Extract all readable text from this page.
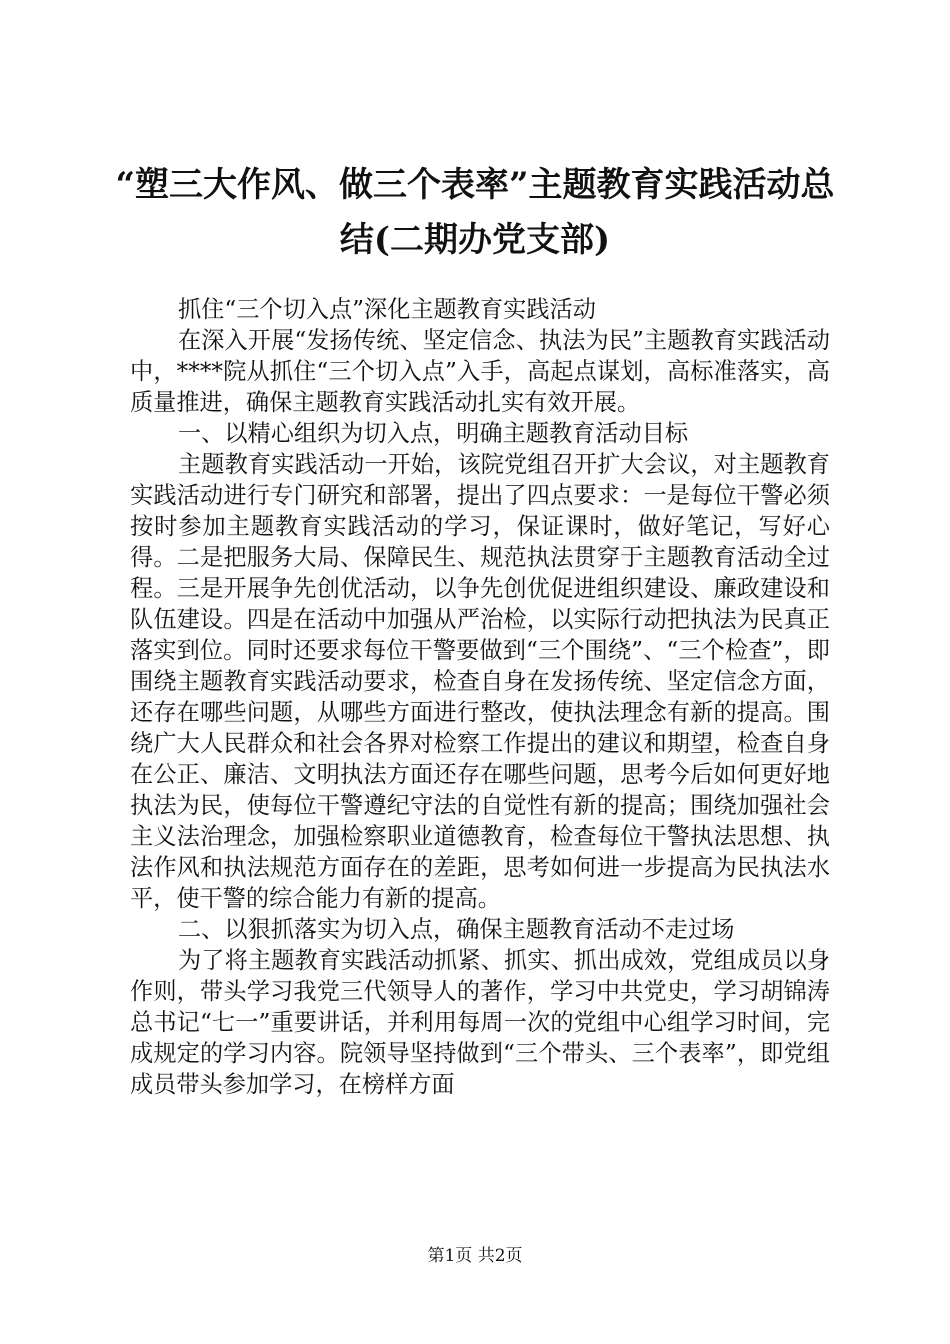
“塑三大作风、做三个表率”主题教育实践活动总结(二期办党支部)

抓住“三个切入点”深化主题教育实践活动

在深入开展“发扬传统、坚定信念、执法为民”主题教育实践活动中，****院从抓住“三个切入点”入手，高起点谋划，高标准落实，高质量推进，确保主题教育实践活动扎实有效开展。

一、以精心组织为切入点，明确主题教育活动目标

主题教育实践活动一开始，该院党组召开扩大会议，对主题教育实践活动进行专门研究和部署，提出了四点要求：一是每位干警必须按时参加主题教育实践活动的学习，保证课时，做好笔记，写好心得。二是把服务大局、保障民生、规范执法贯穿于主题教育活动全过程。三是开展争先创优活动，以争先创优促进组织建设、廉政建设和队伍建设。四是在活动中加强从严治检，以实际行动把执法为民真正落实到位。同时还要求每位干警要做到“三个围绕”、“三个检查”，即围绕主题教育实践活动要求，检查自身在发扬传统、坚定信念方面，还存在哪些问题，从哪些方面进行整改，使执法理念有新的提高。围绕广大人民群众和社会各界对检察工作提出的建议和期望，检查自身在公正、廉洁、文明执法方面还存在哪些问题，思考今后如何更好地执法为民，使每位干警遵纪守法的自觉性有新的提高；围绕加强社会主义法治理念，加强检察职业道德教育，检查每位干警执法思想、执法作风和执法规范方面存在的差距，思考如何进一步提高为民执法水平，使干警的综合能力有新的提高。

二、以狠抓落实为切入点，确保主题教育活动不走过场

为了将主题教育实践活动抓紧、抓实、抓出成效，党组成员以身作则，带头学习我党三代领导人的著作，学习中共党史，学习胡锦涛总书记“七一”重要讲话，并利用每周一次的党组中心组学习时间，完成规定的学习内容。院领导坚持做到“三个带头、三个表率”，即党组成员带头参加学习，在榜样方面

第1页 共2页
